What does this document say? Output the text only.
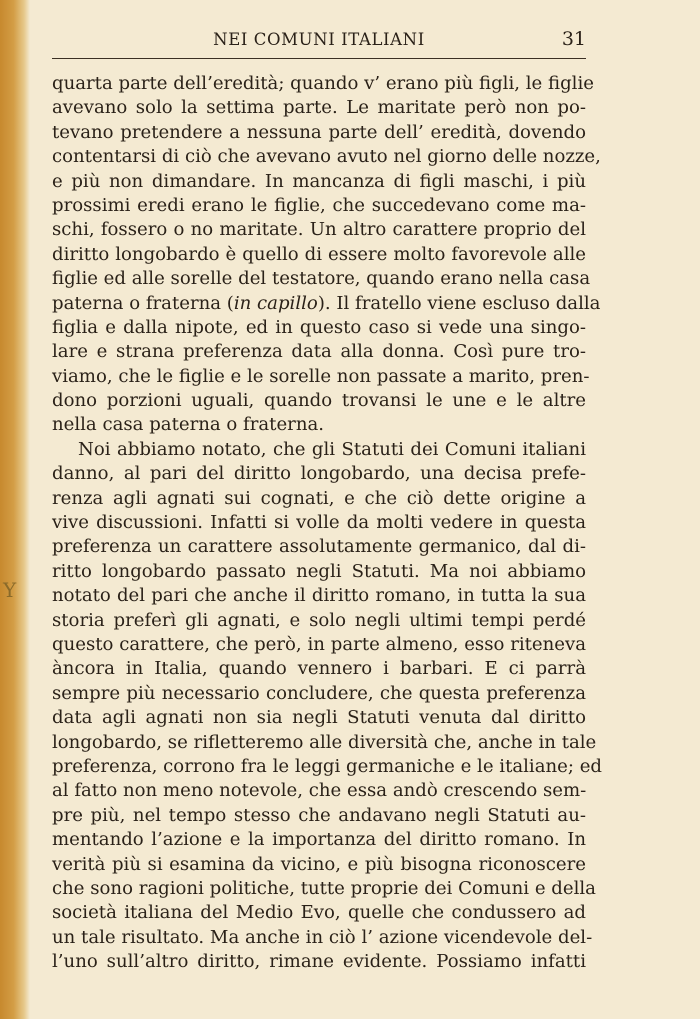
Y
NEI COMUNI ITALIANI	31
quarta parte dell’eredità; quando v’ erano più figli, le figlie
avevano solo la settima parte. Le maritate però non po-
tevano pretendere a nessuna parte dell’ eredità, dovendo
contentarsi di ciò che avevano avuto nel giorno delle nozze,
e più non dimandare. In mancanza di figli maschi, i più
prossimi eredi erano le figlie, che succedevano come ma-
schi, fossero o no maritate. Un altro carattere proprio del
diritto longobardo è quello di essere molto favorevole alle
figlie ed alle sorelle del testatore, quando erano nella casa
paterna o fraterna (in capillo). Il fratello viene escluso dalla
figlia e dalla nipote, ed in questo caso si vede una singo-
lare e strana preferenza data alla donna. Così pure tro-
viamo, che le figlie e le sorelle non passate a marito, pren-
dono porzioni uguali, quando trovansi le une e le altre
nella casa paterna o fraterna.
Noi abbiamo notato, che gli Statuti dei Comuni italiani
danno, al pari del diritto longobardo, una decisa prefe-
renza agli agnati sui cognati, e che ciò dette origine a
vive discussioni. Infatti si volle da molti vedere in questa
preferenza un carattere assolutamente germanico, dal di-
ritto longobardo passato negli Statuti. Ma noi abbiamo
notato del pari che anche il diritto romano, in tutta la sua
storia preferì gli agnati, e solo negli ultimi tempi perdé
questo carattere, che però, in parte almeno, esso riteneva
àncora in Italia, quando vennero i barbari. E ci parrà
sempre più necessario concludere, che questa preferenza
data agli agnati non sia negli Statuti venuta dal diritto
longobardo, se rifletteremo alle diversità che, anche in tale
preferenza, corrono fra le leggi germaniche e le italiane; ed
al fatto non meno notevole, che essa andò crescendo sem-
pre più, nel tempo stesso che andavano negli Statuti au-
mentando l’azione e la importanza del diritto romano. In
verità più si esamina da vicino, e più bisogna riconoscere
che sono ragioni politiche, tutte proprie dei Comuni e della
società italiana del Medio Evo, quelle che condussero ad
un tale risultato. Ma anche in ciò l’ azione vicendevole del-
l’uno sull’altro diritto, rimane evidente. Possiamo infatti
